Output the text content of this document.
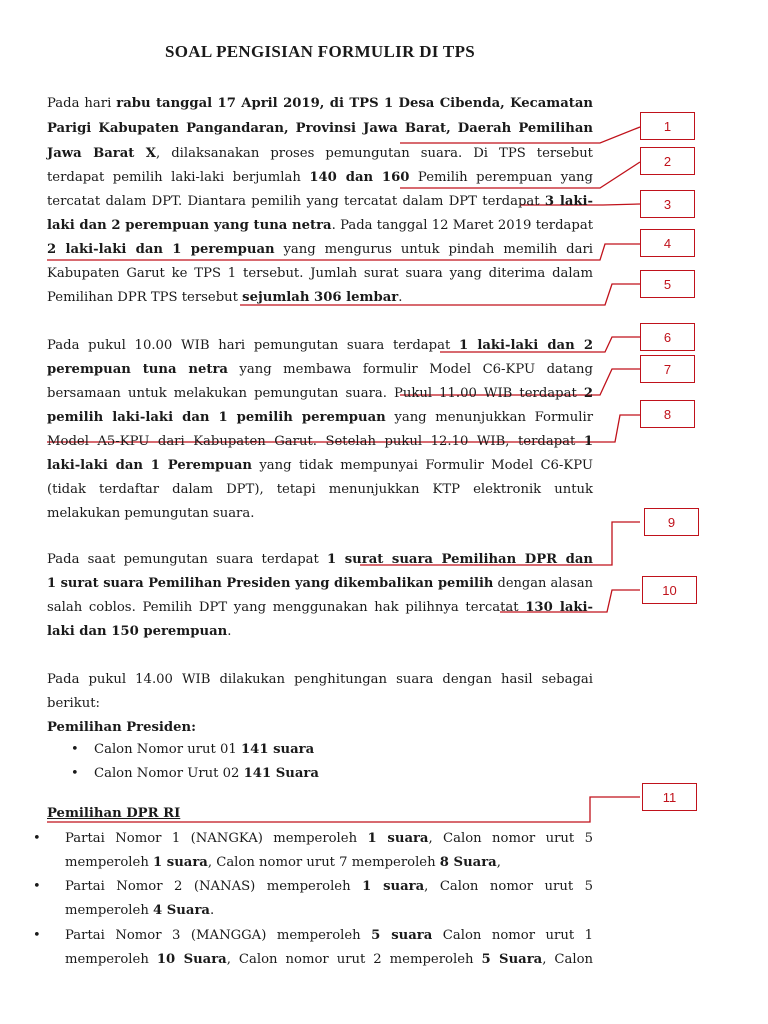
SOAL PENGISIAN FORMULIR DI TPS
Pada hari rabu tanggal 17 April 2019, di TPS 1 Desa Cibenda, Kecamatan
Parigi Kabupaten Pangandaran, Provinsi Jawa Barat, Daerah Pemilihan
Jawa Barat X, dilaksanakan proses pemungutan suara. Di TPS tersebut
terdapat pemilih laki-laki berjumlah 140 dan 160 Pemilih perempuan yang
tercatat dalam DPT. Diantara pemilih yang tercatat dalam DPT terdapat 3 laki-
laki dan 2 perempuan yang tuna netra. Pada tanggal 12 Maret 2019 terdapat
2 laki-laki dan 1 perempuan yang mengurus untuk pindah memilih dari
Kabupaten Garut ke TPS 1 tersebut. Jumlah surat suara yang diterima dalam
Pemilihan DPR TPS tersebut sejumlah 306 lembar.
Pada pukul 10.00 WIB hari pemungutan suara terdapat 1 laki-laki dan 2
perempuan tuna netra yang membawa formulir Model C6-KPU datang
bersamaan untuk melakukan pemungutan suara. Pukul 11.00 WIB terdapat 2
pemilih laki-laki dan 1 pemilih perempuan yang menunjukkan Formulir
Model A5-KPU dari Kabupaten Garut. Setelah pukul 12.10 WIB, terdapat 1
laki-laki dan 1 Perempuan yang tidak mempunyai Formulir Model C6-KPU
(tidak terdaftar dalam DPT), tetapi menunjukkan KTP elektronik untuk
melakukan pemungutan suara.
Pada saat pemungutan suara terdapat 1 surat suara Pemilihan DPR dan
1 surat suara Pemilihan Presiden yang dikembalikan pemilih dengan alasan
salah coblos. Pemilih DPT yang menggunakan hak pilihnya tercatat 130 laki-
laki dan 150 perempuan.
Pada pukul 14.00 WIB dilakukan penghitungan suara dengan hasil sebagai
berikut:
Pemilihan Presiden:
• Calon Nomor urut 01 141 suara
• Calon Nomor Urut 02 141 Suara
Pemilihan DPR RI
• Partai Nomor 1 (NANGKA) memperoleh 1 suara, Calon nomor urut 5
memperoleh 1 suara, Calon nomor urut 7 memperoleh 8 Suara,
• Partai Nomor 2 (NANAS) memperoleh 1 suara, Calon nomor urut 5
memperoleh 4 Suara.
• Partai Nomor 3 (MANGGA) memperoleh 5 suara Calon nomor urut 1
memperoleh 10 Suara, Calon nomor urut 2 memperoleh 5 Suara, Calon
1
2
3
4
5
6
7
8
9
10
11
